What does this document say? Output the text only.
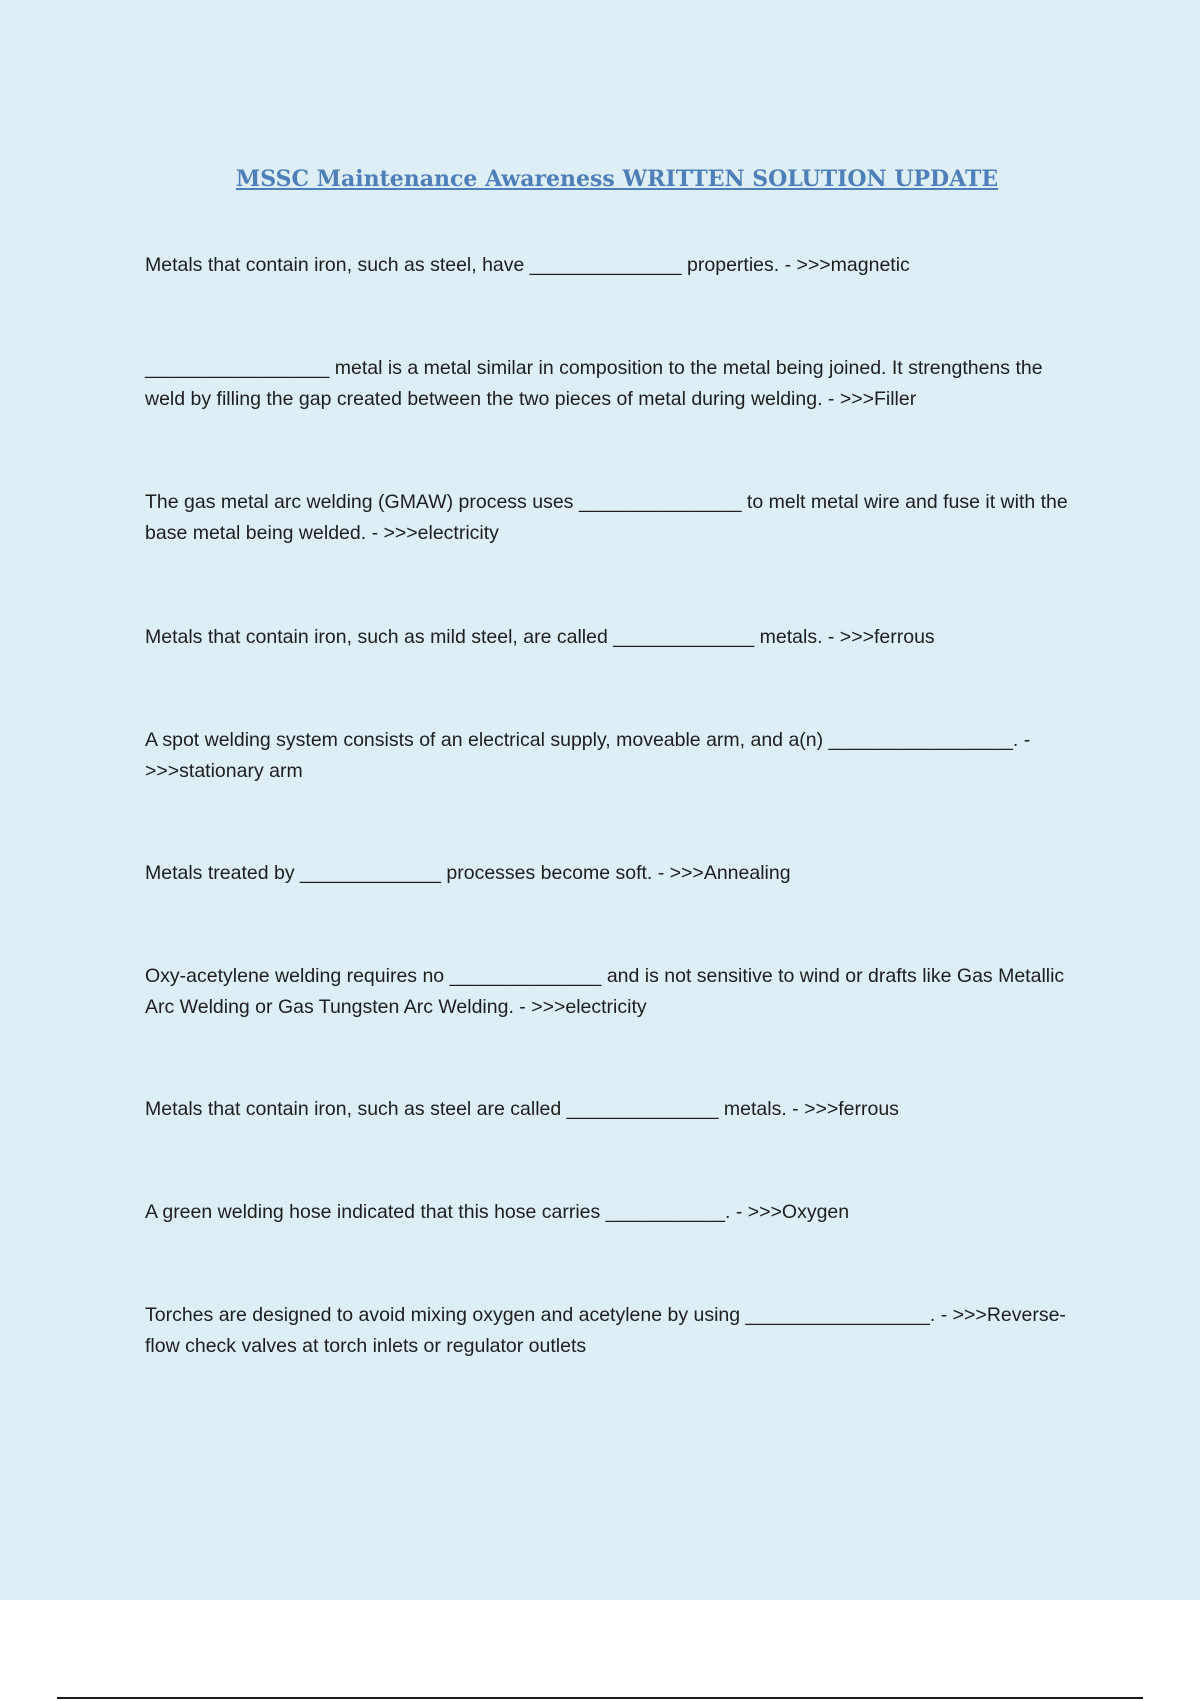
MSSC Maintenance Awareness WRITTEN SOLUTION UPDATE
Metals that contain iron, such as steel, have ______________ properties. - >>>magnetic
_________________ metal is a metal similar in composition to the metal being joined. It strengthens the weld by filling the gap created between the two pieces of metal during welding. - >>>Filler
The gas metal arc welding (GMAW) process uses _______________ to melt metal wire and fuse it with the base metal being welded. - >>>electricity
Metals that contain iron, such as mild steel, are called _____________ metals. - >>>ferrous
A spot welding system consists of an electrical supply, moveable arm, and a(n) _________________. - >>>stationary arm
Metals treated by _____________ processes become soft. - >>>Annealing
Oxy-acetylene welding requires no ______________ and is not sensitive to wind or drafts like Gas Metallic Arc Welding or Gas Tungsten Arc Welding. - >>>electricity
Metals that contain iron, such as steel are called ______________ metals. - >>>ferrous
A green welding hose indicated that this hose carries ___________. - >>>Oxygen
Torches are designed to avoid mixing oxygen and acetylene by using _________________. - >>>Reverse-flow check valves at torch inlets or regulator outlets
